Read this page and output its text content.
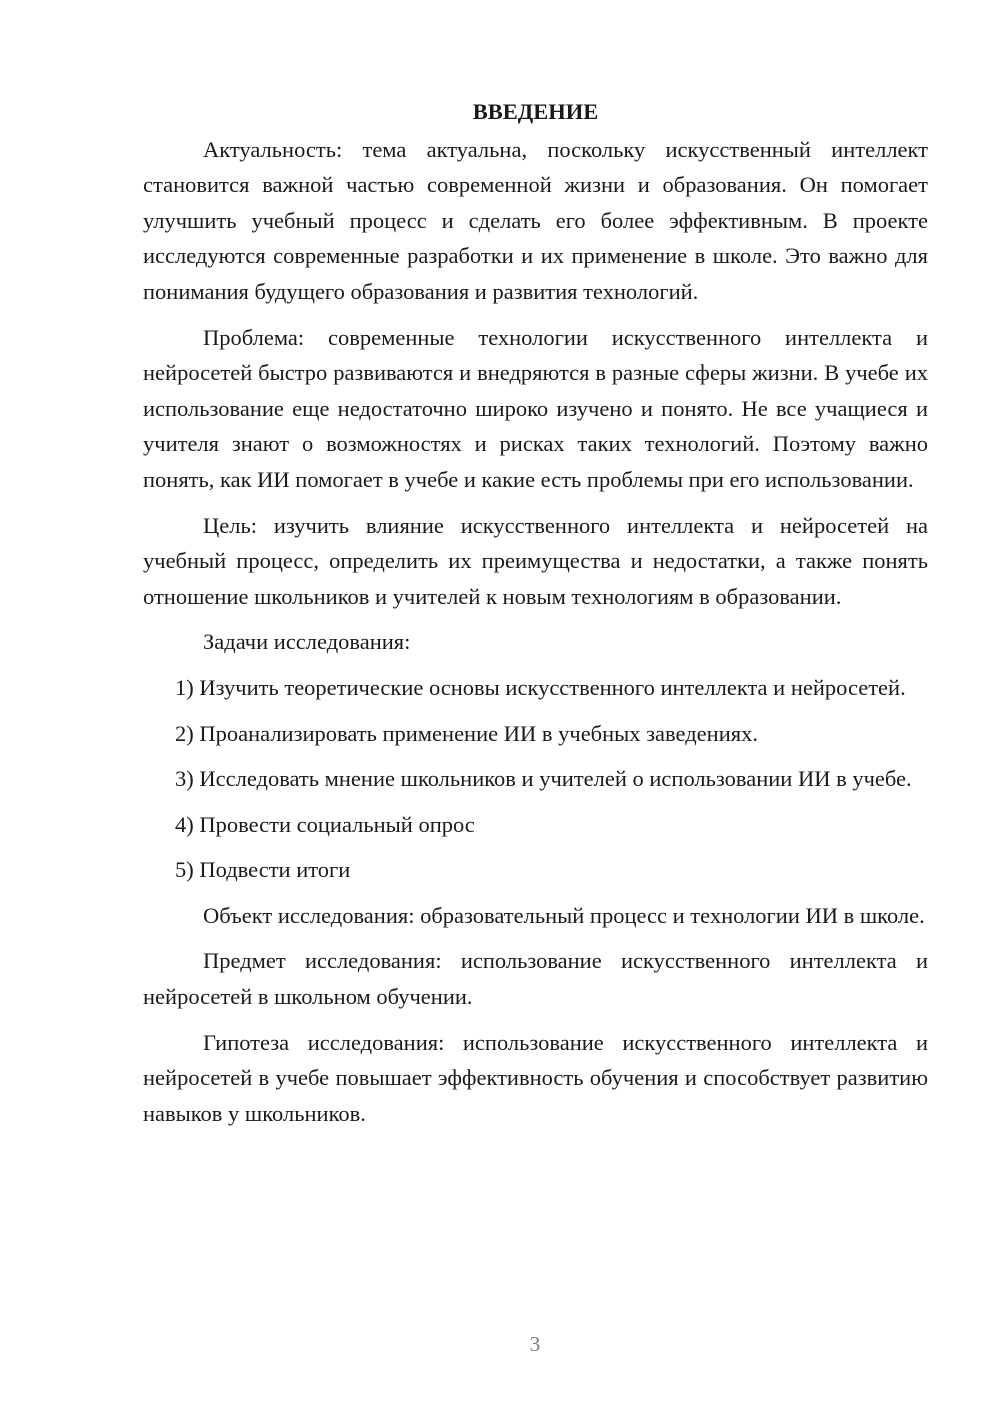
ВВЕДЕНИЕ

Актуальность: тема актуальна, поскольку искусственный интеллект становится важной частью современной жизни и образования. Он помогает улучшить учебный процесс и сделать его более эффективным. В проекте исследуются современные разработки и их применение в школе. Это важно для понимания будущего образования и развития технологий.

Проблема: современные технологии искусственного интеллекта и нейросетей быстро развиваются и внедряются в разные сферы жизни. В учебе их использование еще недостаточно широко изучено и понято. Не все учащиеся и учителя знают о возможностях и рисках таких технологий. Поэтому важно понять, как ИИ помогает в учебе и какие есть проблемы при его использовании.

Цель: изучить влияние искусственного интеллекта и нейросетей на учебный процесс, определить их преимущества и недостатки, а также понять отношение школьников и учителей к новым технологиям в образовании.

Задачи исследования:

1) Изучить теоретические основы искусственного интеллекта и нейросетей.

2) Проанализировать применение ИИ в учебных заведениях.

3) Исследовать мнение школьников и учителей о использовании ИИ в учебе.

4) Провести социальный опрос

5) Подвести итоги

Объект исследования: образовательный процесс и технологии ИИ в школе.

Предмет исследования: использование искусственного интеллекта и нейросетей в школьном обучении.

Гипотеза исследования: использование искусственного интеллекта и нейросетей в учебе повышает эффективность обучения и способствует развитию навыков у школьников.

3
